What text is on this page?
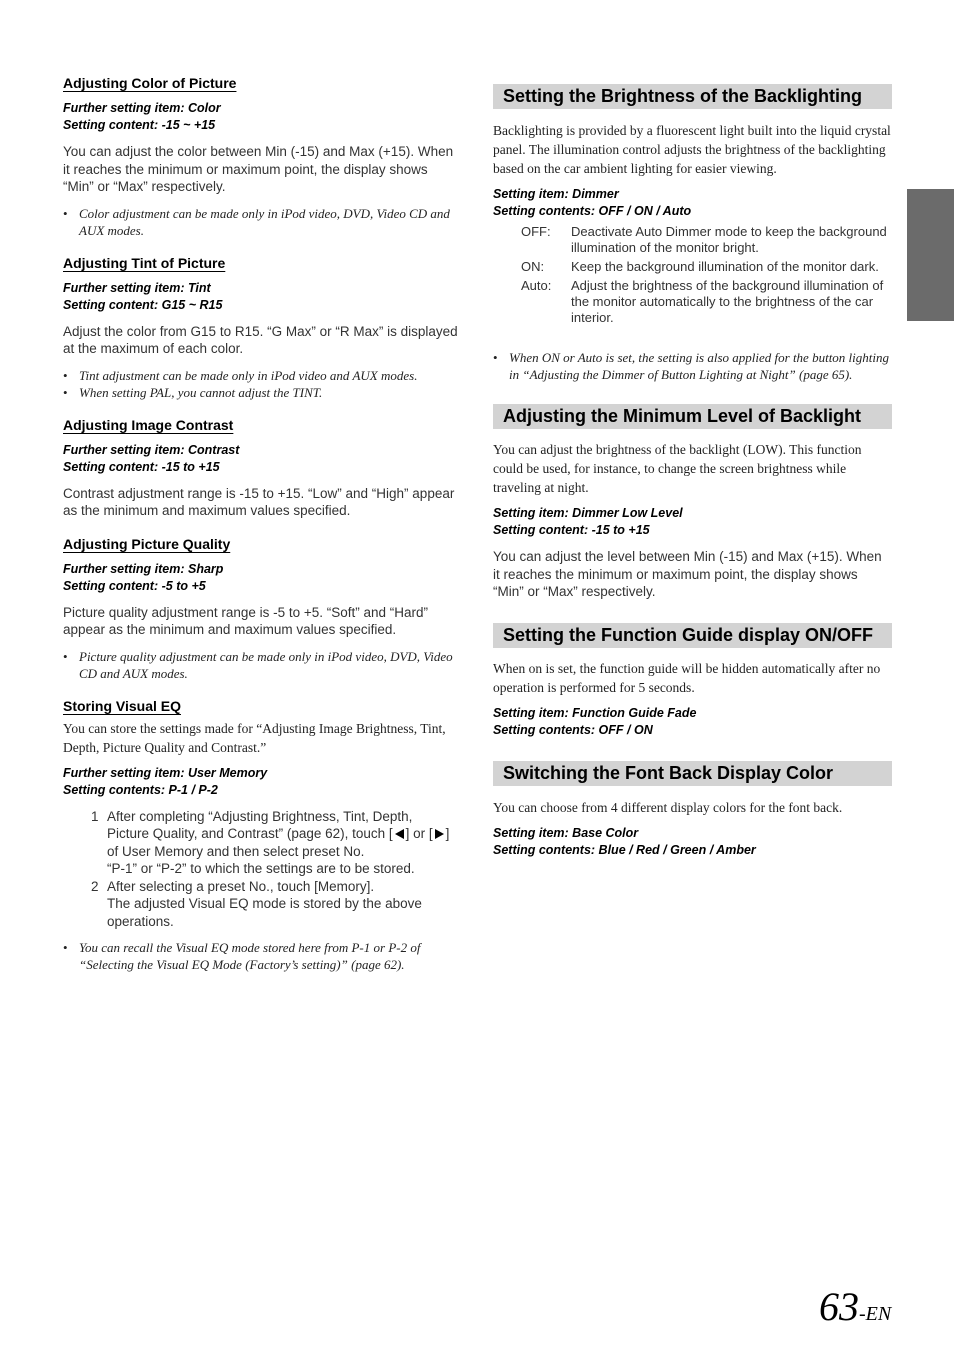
Adjusting Color of Picture
Further setting item: Color
Setting content: -15 ~ +15
You can adjust the color between Min (-15) and Max (+15). When it reaches the minimum or maximum point, the display shows “Min” or “Max” respectively.
• Color adjustment can be made only in iPod video, DVD, Video CD and AUX modes.
Adjusting Tint of Picture
Further setting item: Tint
Setting content: G15 ~ R15
Adjust the color from G15 to R15. “G Max” or “R Max” is displayed at the maximum of each color.
• Tint adjustment can be made only in iPod video and AUX modes.
• When setting PAL, you cannot adjust the TINT.
Adjusting Image Contrast
Further setting item: Contrast
Setting content: -15 to +15
Contrast adjustment range is -15 to +15. “Low” and “High” appear as the minimum and maximum values specified.
Adjusting Picture Quality
Further setting item: Sharp
Setting content: -5 to +5
Picture quality adjustment range is -5 to +5. “Soft” and “Hard” appear as the minimum and maximum values specified.
• Picture quality adjustment can be made only in iPod video, DVD, Video CD and AUX modes.
Storing Visual EQ
You can store the settings made for “Adjusting Image Brightness, Tint, Depth, Picture Quality and Contrast.”
Further setting item: User Memory
Setting contents: P-1 / P-2
1 After completing “Adjusting Brightness, Tint, Depth, Picture Quality, and Contrast” (page 62), touch [ ] or [ ] of User Memory and then select preset No.
“P-1” or “P-2” to which the settings are to be stored.
2 After selecting a preset No., touch [Memory].
The adjusted Visual EQ mode is stored by the above operations.
• You can recall the Visual EQ mode stored here from P-1 or P-2 of “Selecting the Visual EQ Mode (Factory’s setting)” (page 62).
Setting the Brightness of the Backlighting
Backlighting is provided by a fluorescent light built into the liquid crystal panel. The illumination control adjusts the brightness of the backlighting based on the car ambient lighting for easier viewing.
Setting item: Dimmer
Setting contents: OFF / ON / Auto
OFF:	Deactivate Auto Dimmer mode to keep the background illumination of the monitor bright.
ON:	Keep the background illumination of the monitor dark.
Auto:	Adjust the brightness of the background illumination of the monitor automatically to the brightness of the car interior.
• When ON or Auto is set, the setting is also applied for the button lighting in “Adjusting the Dimmer of Button Lighting at Night” (page 65).
Adjusting the Minimum Level of Backlight
You can adjust the brightness of the backlight (LOW). This function could be used, for instance, to change the screen brightness while traveling at night.
Setting item: Dimmer Low Level
Setting content: -15 to +15
You can adjust the level between Min (-15) and Max (+15). When it reaches the minimum or maximum point, the display shows “Min” or “Max” respectively.
Setting the Function Guide display ON/OFF
When on is set, the function guide will be hidden automatically after no operation is performed for 5 seconds.
Setting item: Function Guide Fade
Setting contents: OFF / ON
Switching the Font Back Display Color
You can choose from 4 different display colors for the font back.
Setting item: Base Color
Setting contents: Blue / Red / Green / Amber
63-EN
